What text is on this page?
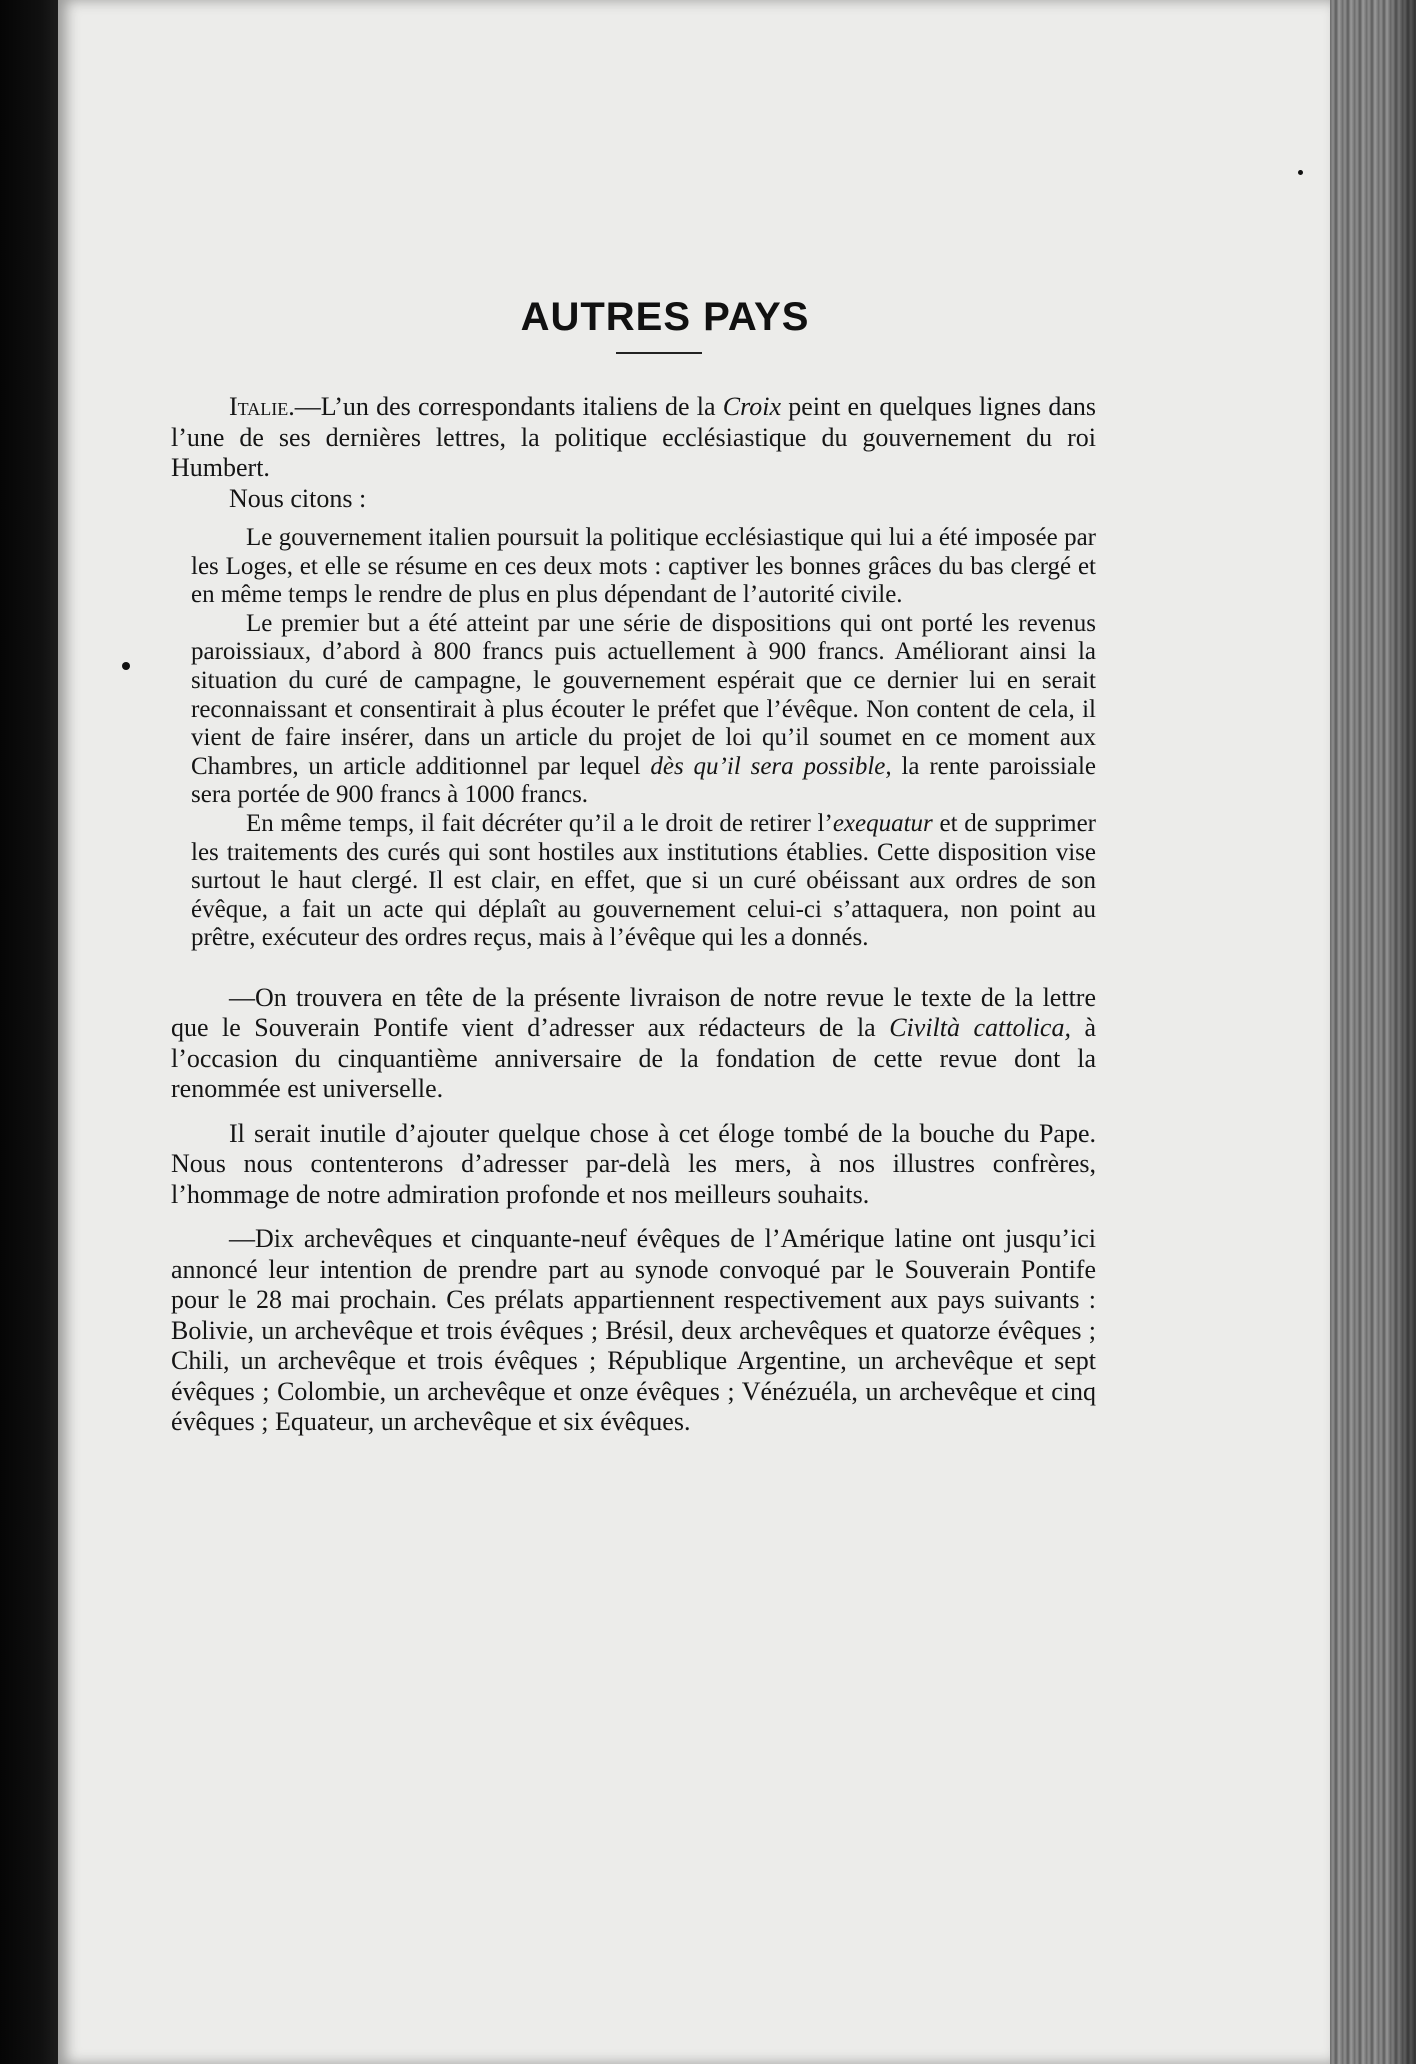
AUTRES PAYS

Italie.—L’un des correspondants italiens de la Croix peint en quelques lignes dans l’une de ses dernières lettres, la politique ecclésiastique du gouvernement du roi Humbert.

Nous citons :

Le gouvernement italien poursuit la politique ecclésiastique qui lui a été imposée par les Loges, et elle se résume en ces deux mots : captiver les bonnes grâces du bas clergé et en même temps le rendre de plus en plus dépendant de l’autorité civile.

Le premier but a été atteint par une série de dispositions qui ont porté les revenus paroissiaux, d’abord à 800 francs puis actuellement à 900 francs. Améliorant ainsi la situation du curé de campagne, le gouvernement espérait que ce dernier lui en serait reconnaissant et consentirait à plus écouter le préfet que l’évêque. Non content de cela, il vient de faire insérer, dans un article du projet de loi qu’il soumet en ce moment aux Chambres, un article additionnel par lequel dès qu’il sera possible, la rente paroissiale sera portée de 900 francs à 1000 francs.

En même temps, il fait décréter qu’il a le droit de retirer l’exequatur et de supprimer les traitements des curés qui sont hostiles aux institutions établies. Cette disposition vise surtout le haut clergé. Il est clair, en effet, que si un curé obéissant aux ordres de son évêque, a fait un acte qui déplaît au gouvernement celui-ci s’attaquera, non point au prêtre, exécuteur des ordres reçus, mais à l’évêque qui les a donnés.

—On trouvera en tête de la présente livraison de notre revue le texte de la lettre que le Souverain Pontife vient d’adresser aux rédacteurs de la Civiltà cattolica, à l’occasion du cinquantième anniversaire de la fondation de cette revue dont la renommée est universelle.

Il serait inutile d’ajouter quelque chose à cet éloge tombé de la bouche du Pape. Nous nous contenterons d’adresser par-delà les mers, à nos illustres confrères, l’hommage de notre admiration profonde et nos meilleurs souhaits.

—Dix archevêques et cinquante-neuf évêques de l’Amérique latine ont jusqu’ici annoncé leur intention de prendre part au synode convoqué par le Souverain Pontife pour le 28 mai prochain. Ces prélats appartiennent respectivement aux pays suivants : Bolivie, un archevêque et trois évêques ; Brésil, deux archevêques et quatorze évêques ; Chili, un archevêque et trois évêques ; République Argentine, un archevêque et sept évêques ; Colombie, un archevêque et onze évêques ; Vénézuéla, un archevêque et cinq évêques ; Equateur, un archevêque et six évêques.
